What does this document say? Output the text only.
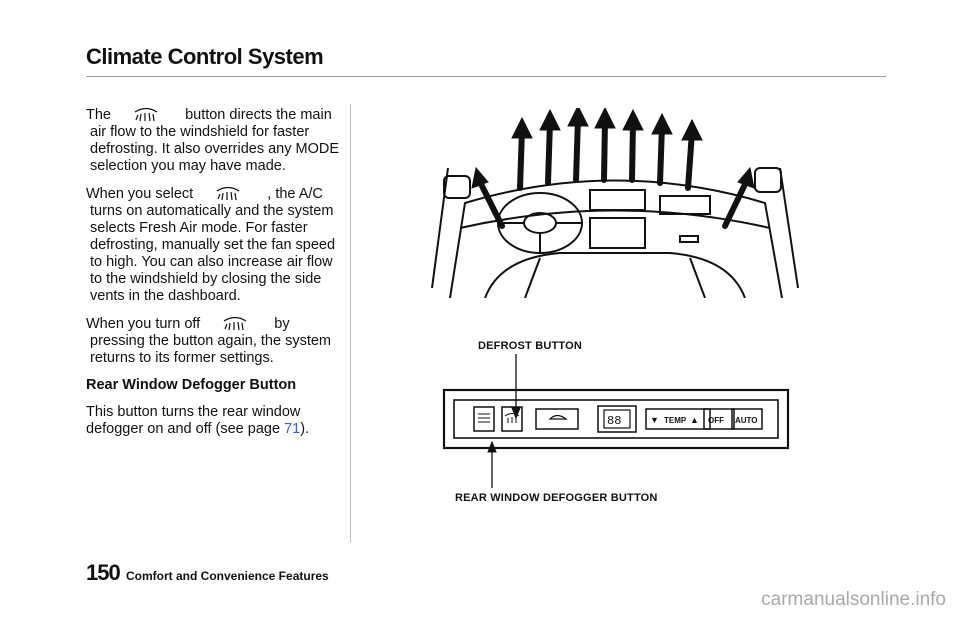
Climate Control System

The	button directs the main
air flow to the windshield for faster defrosting. It also overrides any MODE selection you may have made.

When you select	, the A/C
turns on automatically and the system selects Fresh Air mode. For faster defrosting, manually set the fan speed to high. You can also increase air flow to the windshield by closing the side vents in the dashboard.

When you turn off	by
pressing the button again, the system returns to its former settings.

Rear Window Defogger Button

This button turns the rear window defogger on and off (see page 71).

DEFROST BUTTON
REAR WINDOW DEFOGGER BUTTON
88	▼ TEMP ▲ OFF AUTO
150 Comfort and Convenience Features
carmanualsonline.info
